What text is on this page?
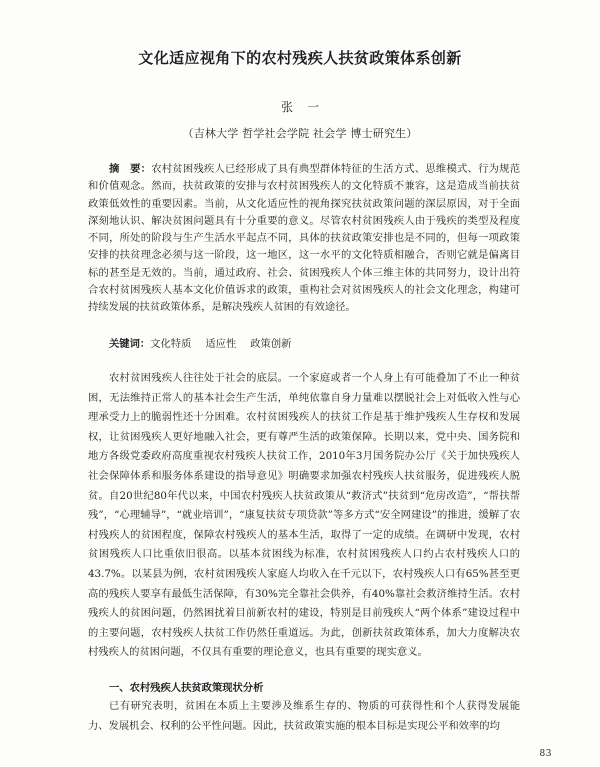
文化适应视角下的农村残疾人扶贫政策体系创新
张一
（吉林大学 哲学社会学院 社会学 博士研究生）

摘　要：农村贫困残疾人已经形成了具有典型群体特征的生活方式、思维模式、行为规范和价值观念。然而，扶贫政策的安排与农村贫困残疾人的文化特质不兼容，这是造成当前扶贫政策低效性的重要因素。当前，从文化适应性的视角探究扶贫政策问题的深层原因，对于全面深刻地认识、解决贫困问题具有十分重要的意义。尽管农村贫困残疾人由于残疾的类型及程度不同，所处的阶段与生产生活水平起点不同，具体的扶贫政策安排也是不同的，但每一项政策安排的扶贫理念必须与这一阶段，这一地区，这一水平的文化特质相融合，否则它就是偏离目标的甚至是无效的。当前，通过政府、社会、贫困残疾人个体三维主体的共同努力，设计出符合农村贫困残疾人基本文化价值诉求的政策，重构社会对贫困残疾人的社会文化理念，构建可持续发展的扶贫政策体系，是解决残疾人贫困的有效途径。

关键词：文化特质 适应性 政策创新

农村贫困残疾人往往处于社会的底层。一个家庭或者一个人身上有可能叠加了不止一种贫困，无法维持正常人的基本社会生产生活，单纯依靠自身力量难以摆脱社会上对低收入性与心理承受力上的脆弱性还十分困难。农村贫困残疾人的扶贫工作是基于维护残疾人生存权和发展权，让贫困残疾人更好地融入社会，更有尊严生活的政策保障。长期以来，党中央、国务院和地方各级党委政府高度重视农村残疾人扶贫工作，2010年3月国务院办公厅《关于加快残疾人社会保障体系和服务体系建设的指导意见》明确要求加强农村残疾人扶贫服务，促进残疾人脱贫。自20世纪80年代以来，中国农村残疾人扶贫政策从“救济式”扶贫到“危房改造”，“帮扶帮残”，“心理辅导”，“就业培训”，“康复扶贫专项贷款”等多方式“安全网建设”的推进，缓解了农村残疾人的贫困程度，保障农村残疾人的基本生活，取得了一定的成绩。在调研中发现，农村贫困残疾人口比重依旧很高。以基本贫困线为标准，农村贫困残疾人口约占农村残疾人口的43.7%。以某县为例，农村贫困残疾人家庭人均收入在千元以下，农村残疾人口有65%甚至更高的残疾人要享有最低生活保障，有30%完全靠社会供养，有40%靠社会救济维持生活。农村残疾人的贫困问题，仍然困扰着目前新农村的建设，特别是目前残疾人“两个体系”建设过程中的主要问题，农村残疾人扶贫工作仍然任重道远。为此，创新扶贫政策体系，加大力度解决农村残疾人的贫困问题，不仅具有重要的理论意义，也具有重要的现实意义。

一、农村残疾人扶贫政策现状分析

已有研究表明，贫困在本质上主要涉及维系生存的、物质的可获得性和个人获得发展能力、发展机会、权利的公平性问题。因此，扶贫政策实施的根本目标是实现公平和效率的均

83
